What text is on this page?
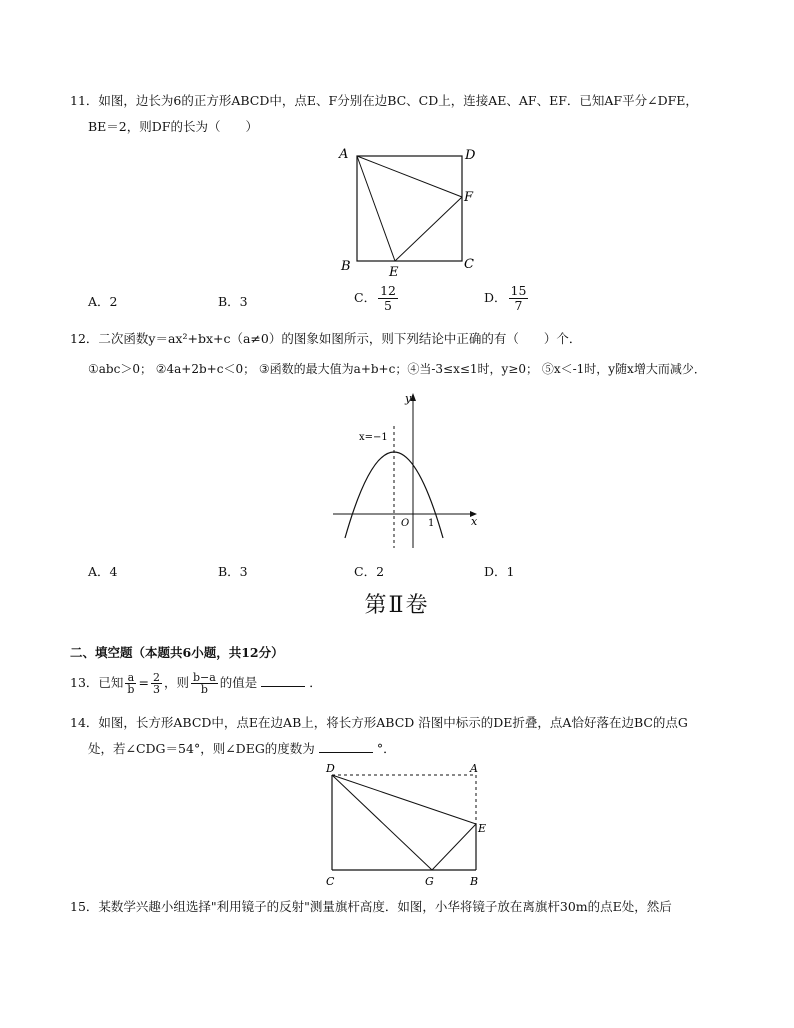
11．如图，边长为6的正方形ABCD中，点E、F分别在边BC、CD上，连接AE、AF、EF．已知AF平分∠DFE，
BE＝2，则DF的长为（　　）
A	D
F
B	E
C
A．2	B．3	C． $\frac{12}{5}$	D． $\frac{15}{7}$
12．二次函数y＝ax²+bx+c（a≠0）的图象如图所示，则下列结论中正确的有（　　）个．
①abc＞0； ②4a+2b+c＜0； ③函数的最大值为a+b+c；④当-3≤x≤1时，y≥0； ⑤x＜-1时，y随x增大而减少．
y
x
O 1
x=−1
A．4	B．3	C．2	D．1
第Ⅱ卷
二、填空题（本题共6小题，共12分）
13．已知 $\frac{a}{b} = \frac{2}{3}$ ，则 $\frac{b-a}{b}$ 的值是	．
14．如图，长方形ABCD中，点E在边AB上，将长方形ABCD 沿图中标示的DE折叠，点A恰好落在边BC的点G
处，若∠CDG＝54°，则∠DEG的度数为	°．
D	A
E
C	G	B
15．某数学兴趣小组选择"利用镜子的反射"测量旗杆高度．如图，小华将镜子放在离旗杆30m的点E处，然后
